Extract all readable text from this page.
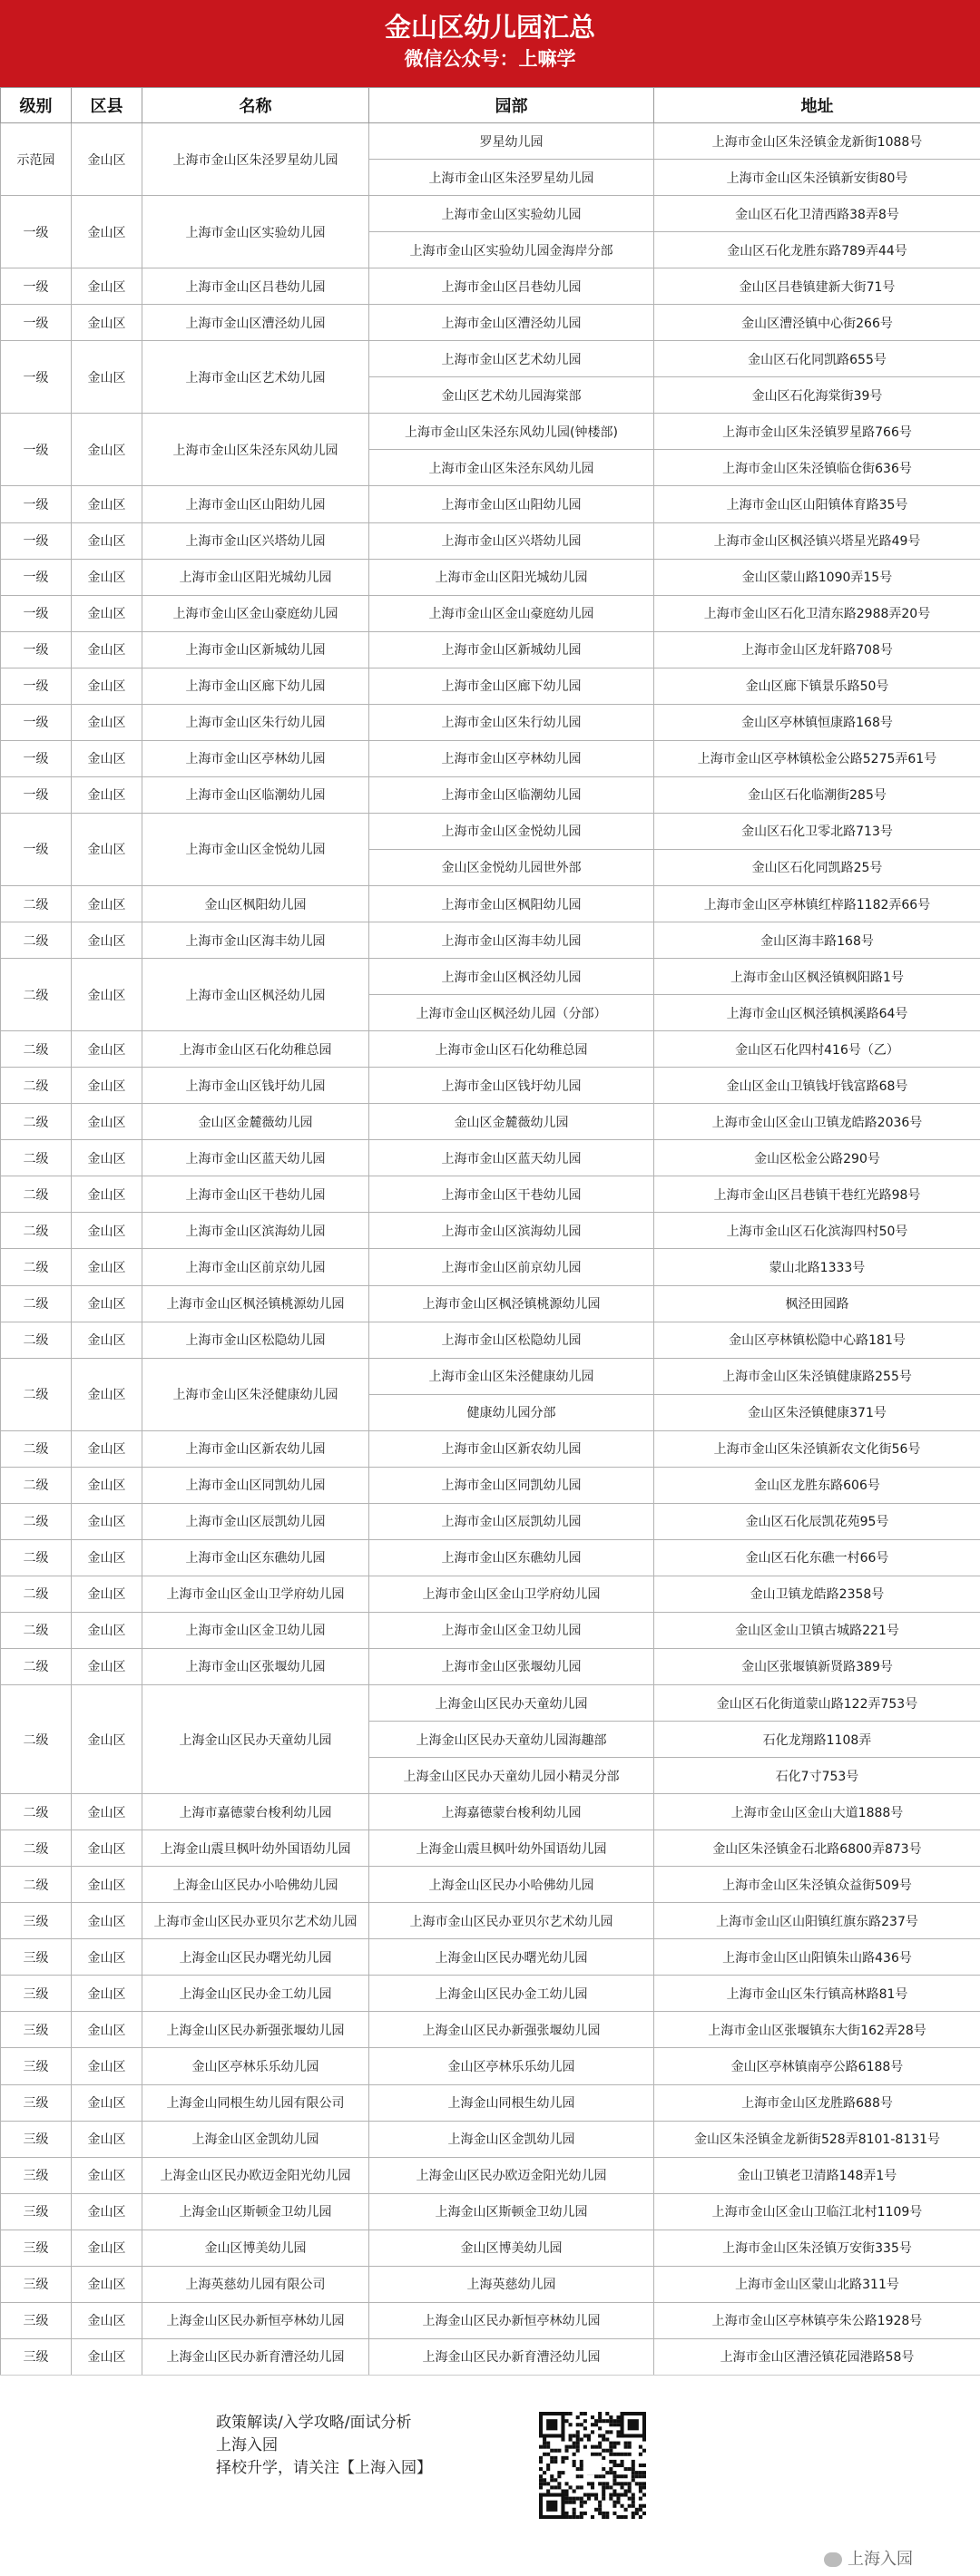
金山区幼儿园汇总
微信公众号：上嘛学
级别	区县	名称	园部	地址
示范园	金山区	上海市金山区朱泾罗星幼儿园	罗星幼儿园	上海市金山区朱泾镇金龙新街1088号
			上海市金山区朱泾罗星幼儿园	上海市金山区朱泾镇新安街80号
一级	金山区	上海市金山区实验幼儿园	上海市金山区实验幼儿园	金山区石化卫清西路38弄8号
			上海市金山区实验幼儿园金海岸分部	金山区石化龙胜东路789弄44号
一级	金山区	上海市金山区吕巷幼儿园	上海市金山区吕巷幼儿园	金山区吕巷镇建新大街71号
一级	金山区	上海市金山区漕泾幼儿园	上海市金山区漕泾幼儿园	金山区漕泾镇中心街266号
一级	金山区	上海市金山区艺术幼儿园	上海市金山区艺术幼儿园	金山区石化同凯路655号
			金山区艺术幼儿园海棠部	金山区石化海棠街39号
一级	金山区	上海市金山区朱泾东风幼儿园	上海市金山区朱泾东风幼儿园(钟楼部)	上海市金山区朱泾镇罗星路766号
			上海市金山区朱泾东风幼儿园	上海市金山区朱泾镇临仓街636号
一级	金山区	上海市金山区山阳幼儿园	上海市金山区山阳幼儿园	上海市金山区山阳镇体育路35号
一级	金山区	上海市金山区兴塔幼儿园	上海市金山区兴塔幼儿园	上海市金山区枫泾镇兴塔星光路49号
一级	金山区	上海市金山区阳光城幼儿园	上海市金山区阳光城幼儿园	金山区蒙山路1090弄15号
一级	金山区	上海市金山区金山豪庭幼儿园	上海市金山区金山豪庭幼儿园	上海市金山区石化卫清东路2988弄20号
一级	金山区	上海市金山区新城幼儿园	上海市金山区新城幼儿园	上海市金山区龙轩路708号
一级	金山区	上海市金山区廊下幼儿园	上海市金山区廊下幼儿园	金山区廊下镇景乐路50号
一级	金山区	上海市金山区朱行幼儿园	上海市金山区朱行幼儿园	金山区亭林镇恒康路168号
一级	金山区	上海市金山区亭林幼儿园	上海市金山区亭林幼儿园	上海市金山区亭林镇松金公路5275弄61号
一级	金山区	上海市金山区临潮幼儿园	上海市金山区临潮幼儿园	金山区石化临潮街285号
一级	金山区	上海市金山区金悦幼儿园	上海市金山区金悦幼儿园	金山区石化卫零北路713号
			金山区金悦幼儿园世外部	金山区石化同凯路25号
二级	金山区	金山区枫阳幼儿园	上海市金山区枫阳幼儿园	上海市金山区亭林镇红梓路1182弄66号
二级	金山区	上海市金山区海丰幼儿园	上海市金山区海丰幼儿园	金山区海丰路168号
二级	金山区	上海市金山区枫泾幼儿园	上海市金山区枫泾幼儿园	上海市金山区枫泾镇枫阳路1号
			上海市金山区枫泾幼儿园（分部）	上海市金山区枫泾镇枫溪路64号
二级	金山区	上海市金山区石化幼稚总园	上海市金山区石化幼稚总园	金山区石化四村416号（乙）
二级	金山区	上海市金山区钱圩幼儿园	上海市金山区钱圩幼儿园	金山区金山卫镇钱圩钱富路68号
二级	金山区	金山区金麓薇幼儿园	金山区金麓薇幼儿园	上海市金山区金山卫镇龙皓路2036号
二级	金山区	上海市金山区蓝天幼儿园	上海市金山区蓝天幼儿园	金山区松金公路290号
二级	金山区	上海市金山区干巷幼儿园	上海市金山区干巷幼儿园	上海市金山区吕巷镇干巷红光路98号
二级	金山区	上海市金山区滨海幼儿园	上海市金山区滨海幼儿园	上海市金山区石化滨海四村50号
二级	金山区	上海市金山区前京幼儿园	上海市金山区前京幼儿园	蒙山北路1333号
二级	金山区	上海市金山区枫泾镇桃源幼儿园	上海市金山区枫泾镇桃源幼儿园	枫泾田园路
二级	金山区	上海市金山区松隐幼儿园	上海市金山区松隐幼儿园	金山区亭林镇松隐中心路181号
二级	金山区	上海市金山区朱泾健康幼儿园	上海市金山区朱泾健康幼儿园	上海市金山区朱泾镇健康路255号
			健康幼儿园分部	金山区朱泾镇健康371号
二级	金山区	上海市金山区新农幼儿园	上海市金山区新农幼儿园	上海市金山区朱泾镇新农文化街56号
二级	金山区	上海市金山区同凯幼儿园	上海市金山区同凯幼儿园	金山区龙胜东路606号
二级	金山区	上海市金山区辰凯幼儿园	上海市金山区辰凯幼儿园	金山区石化辰凯花苑95号
二级	金山区	上海市金山区东礁幼儿园	上海市金山区东礁幼儿园	金山区石化东礁一村66号
二级	金山区	上海市金山区金山卫学府幼儿园	上海市金山区金山卫学府幼儿园	金山卫镇龙皓路2358号
二级	金山区	上海市金山区金卫幼儿园	上海市金山区金卫幼儿园	金山区金山卫镇古城路221号
二级	金山区	上海市金山区张堰幼儿园	上海市金山区张堰幼儿园	金山区张堰镇新贤路389号
二级	金山区	上海金山区民办天童幼儿园	上海金山区民办天童幼儿园	金山区石化街道蒙山路122弄753号
			上海金山区民办天童幼儿园海趣部	石化龙翔路1108弄
			上海金山区民办天童幼儿园小精灵分部	石化7寸753号
二级	金山区	上海市嘉德蒙台梭利幼儿园	上海嘉德蒙台梭利幼儿园	上海市金山区金山大道1888号
二级	金山区	上海金山震旦枫叶幼外国语幼儿园	上海金山震旦枫叶幼外国语幼儿园	金山区朱泾镇金石北路6800弄873号
二级	金山区	上海金山区民办小哈佛幼儿园	上海金山区民办小哈佛幼儿园	上海市金山区朱泾镇众益街509号
三级	金山区	上海市金山区民办亚贝尔艺术幼儿园	上海市金山区民办亚贝尔艺术幼儿园	上海市金山区山阳镇红旗东路237号
三级	金山区	上海金山区民办曙光幼儿园	上海金山区民办曙光幼儿园	上海市金山区山阳镇朱山路436号
三级	金山区	上海金山区民办金工幼儿园	上海金山区民办金工幼儿园	上海市金山区朱行镇高林路81号
三级	金山区	上海金山区民办新强张堰幼儿园	上海金山区民办新强张堰幼儿园	上海市金山区张堰镇东大街162弄28号
三级	金山区	金山区亭林乐乐幼儿园	金山区亭林乐乐幼儿园	金山区亭林镇南亭公路6188号
三级	金山区	上海金山同根生幼儿园有限公司	上海金山同根生幼儿园	上海市金山区龙胜路688号
三级	金山区	上海金山区金凯幼儿园	上海金山区金凯幼儿园	金山区朱泾镇金龙新街528弄8101-8131号
三级	金山区	上海金山区民办欧迈金阳光幼儿园	上海金山区民办欧迈金阳光幼儿园	金山卫镇老卫清路148弄1号
三级	金山区	上海金山区斯顿金卫幼儿园	上海金山区斯顿金卫幼儿园	上海市金山区金山卫临江北村1109号
三级	金山区	金山区博美幼儿园	金山区博美幼儿园	上海市金山区朱泾镇万安街335号
三级	金山区	上海英慈幼儿园有限公司	上海英慈幼儿园	上海市金山区蒙山北路311号
三级	金山区	上海金山区民办新恒亭林幼儿园	上海金山区民办新恒亭林幼儿园	上海市金山区亭林镇亭朱公路1928号
三级	金山区	上海金山区民办新育漕泾幼儿园	上海金山区民办新育漕泾幼儿园	上海市金山区漕泾镇花园港路58号
政策解读/入学攻略/面试分析
上海入园
择校升学，请关注【上海入园】
上海入园
